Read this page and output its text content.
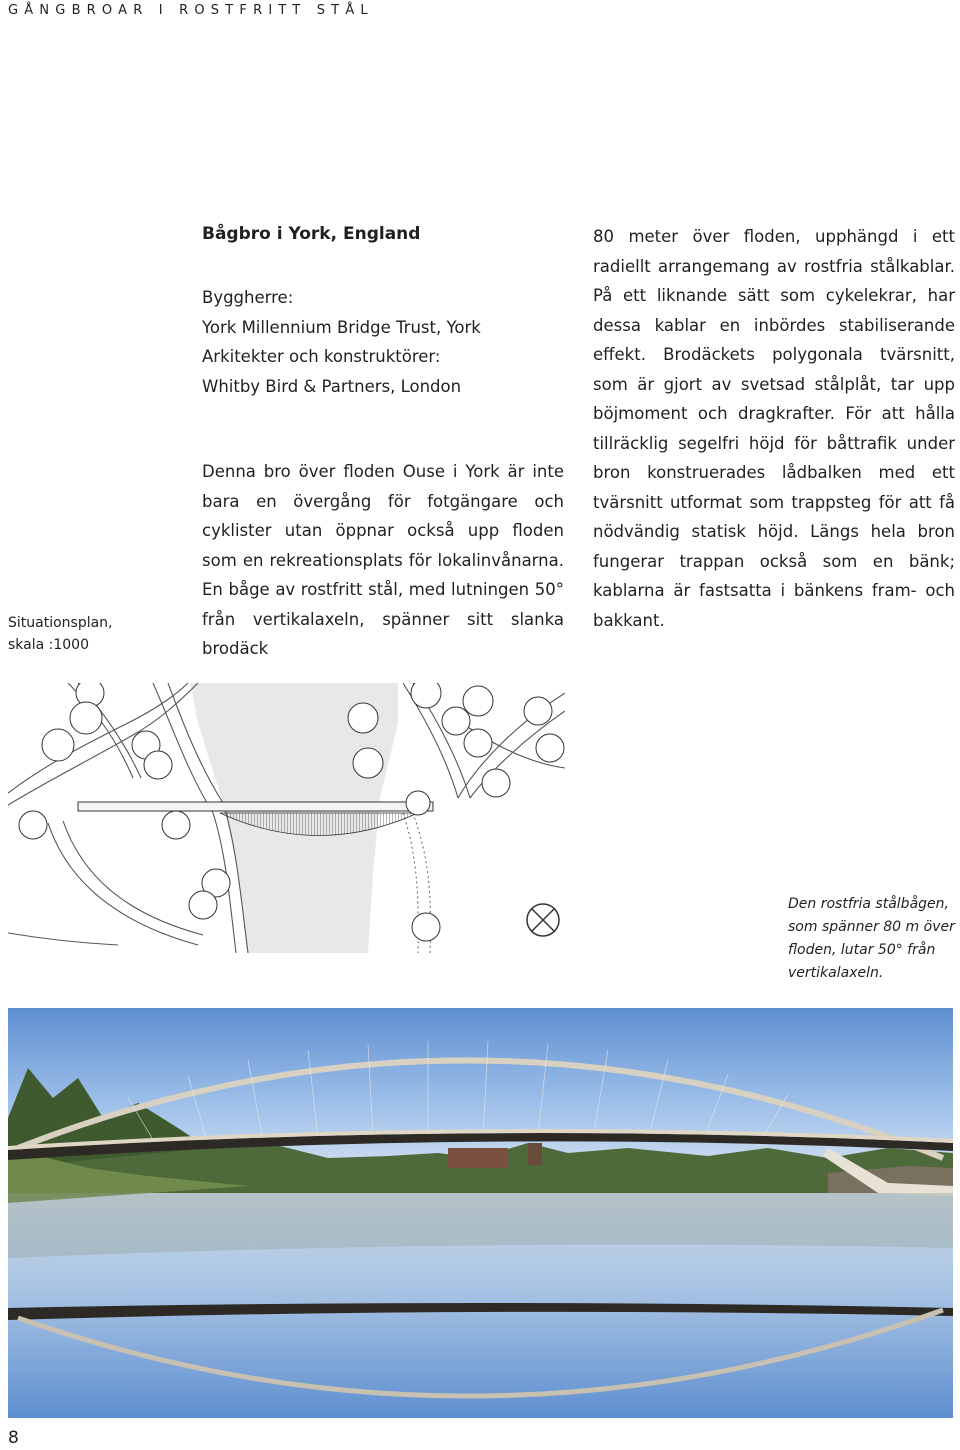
GÅNGBROAR I ROSTFRITT STÅL
Bågbro i York, England
Byggherre:
York Millennium Bridge Trust, York
Arkitekter och konstruktörer:
Whitby Bird & Partners, London
Denna bro över floden Ouse i York är inte bara en övergång för fotgängare och cyklister utan öppnar också upp floden som en rekreationsplats för lokalinvånarna. En båge av rostfritt stål, med lutningen 50° från vertikalaxeln, spänner sitt slanka brodäck
80 meter över floden, upphängd i ett radiellt arrangemang av rostfria stålkablar. På ett liknande sätt som cykelekrar, har dessa kablar en inbördes stabiliserande effekt. Brodäckets polygonala tvärsnitt, som är gjort av svetsad stålplåt, tar upp böjmoment och dragkrafter. För att hålla tillräcklig segelfri höjd för båttrafik under bron konstruerades lådbalken med ett tvärsnitt utformat som trappsteg för att få nödvändig statisk höjd. Längs hela bron fungerar trappan också som en bänk; kablarna är fastsatta i bänkens fram- och bakkant.
Situationsplan,
skala :1000
Den rostfria stålbågen, som spänner 80 m över floden, lutar 50° från vertikalaxeln.
8
